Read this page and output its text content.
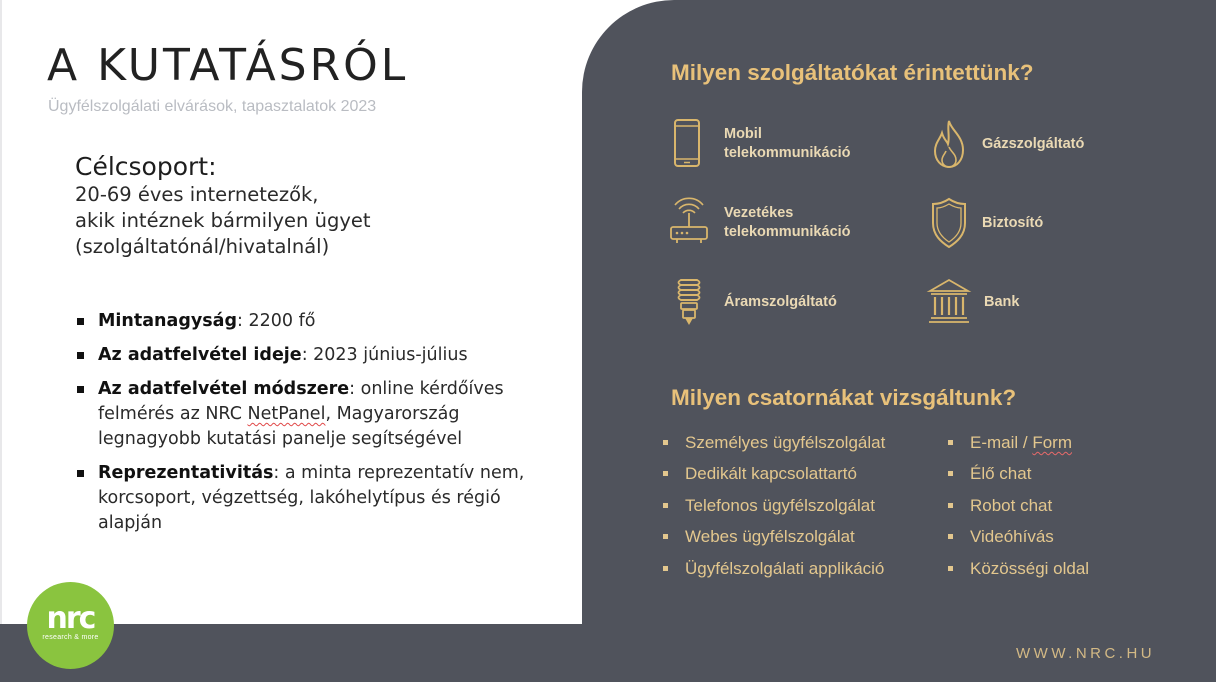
A KUTATÁSRÓL
Ügyfélszolgálati elvárások, tapasztalatok 2023
Célcsoport:
20-69 éves internetezők,
akik intéznek bármilyen ügyet
(szolgáltatónál/hivatalnál)
Mintanagyság: 2200 fő
Az adatfelvétel ideje: 2023 június-július
Az adatfelvétel módszere: online kérdőíves felmérés az NRC NetPanel, Magyarország legnagyobb kutatási panelje segítségével
Reprezentativitás: a minta reprezentatív nem, korcsoport, végzettség, lakóhelytípus és régió alapján
Milyen szolgáltatókat érintettünk?
Mobil
telekommunikáció
Gázszolgáltató
Vezetékes
telekommunikáció
Biztosító
Áramszolgáltató	Bank
Milyen csatornákat vizsgáltunk?
Személyes ügyfélszolgálat
Dedikált kapcsolattartó
Telefonos ügyfélszolgálat
Webes ügyfélszolgálat
Ügyfélszolgálati applikáció
E-mail / Form
Élő chat
Robot chat
Videóhívás
Közösségi oldal
nrc
research & more
WWW.NRC.HU
